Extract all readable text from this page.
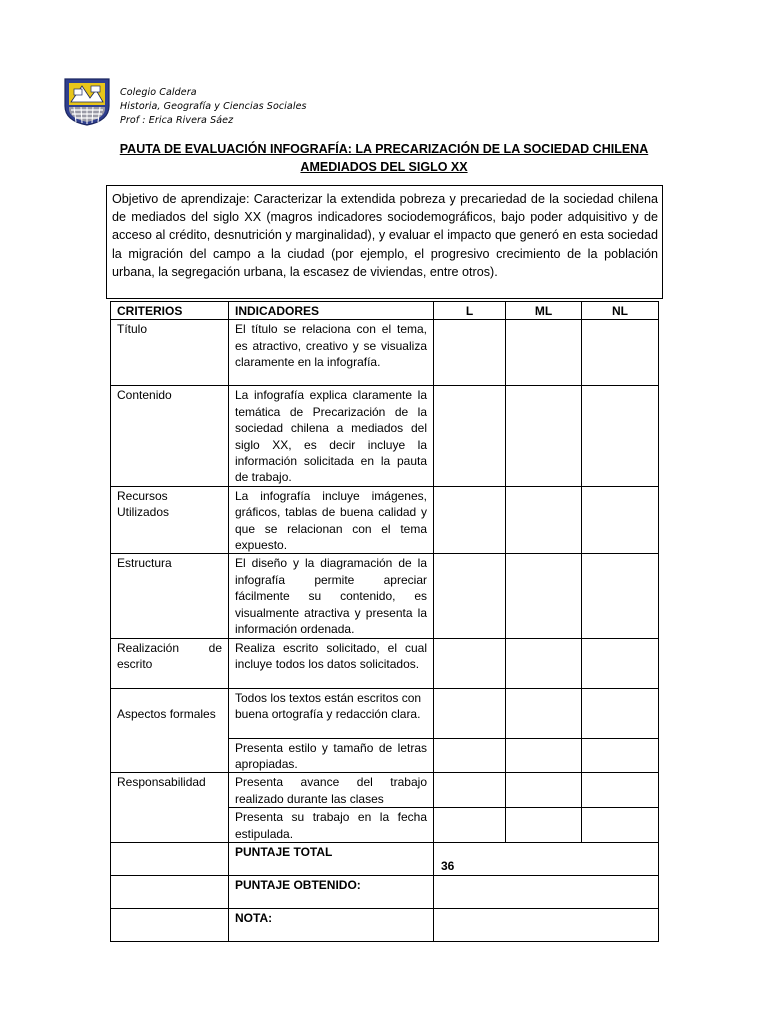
Colegio Caldera
Historia, Geografía y Ciencias Sociales
Prof : Erica Rivera Sáez
PAUTA DE EVALUACIÓN INFOGRAFÍA: LA PRECARIZACIÓN DE LA SOCIEDAD CHILENA
AMEDIADOS DEL SIGLO XX
Objetivo de aprendizaje: Caracterizar la extendida pobreza y precariedad de la sociedad chilena de mediados del siglo XX (magros indicadores sociodemográficos, bajo poder adquisitivo y de acceso al crédito, desnutrición y marginalidad), y evaluar el impacto que generó en esta sociedad la migración del campo a la ciudad (por ejemplo, el progresivo crecimiento de la población urbana, la segregación urbana, la escasez de viviendas, entre otros).
CRITERIOS	INDICADORES	L	ML	NL
Título	El título se relaciona con el tema, es atractivo, creativo y se visualiza claramente en la infografía.			
Contenido	La infografía explica claramente la temática de Precarización de la sociedad chilena a mediados del siglo XX, es decir incluye la información solicitada en la pauta de trabajo.			
Recursos Utilizados	La infografía incluye imágenes, gráficos, tablas de buena calidad y que se relacionan con el tema expuesto.			
Estructura	El diseño y la diagramación de la infografía permite apreciar fácilmente su contenido, es visualmente atractiva y presenta la información ordenada.			
Realización de escrito	Realiza escrito solicitado, el cual incluye todos los datos solicitados.			
Aspectos formales	Todos los textos están escritos con buena ortografía y redacción clara.			
	Presenta estilo y tamaño de letras apropiadas.			
Responsabilidad	Presenta avance del trabajo realizado durante las clases			
	Presenta su trabajo en la fecha estipulada.			
	PUNTAJE TOTAL	36		
	PUNTAJE OBTENIDO:			
	NOTA:			
